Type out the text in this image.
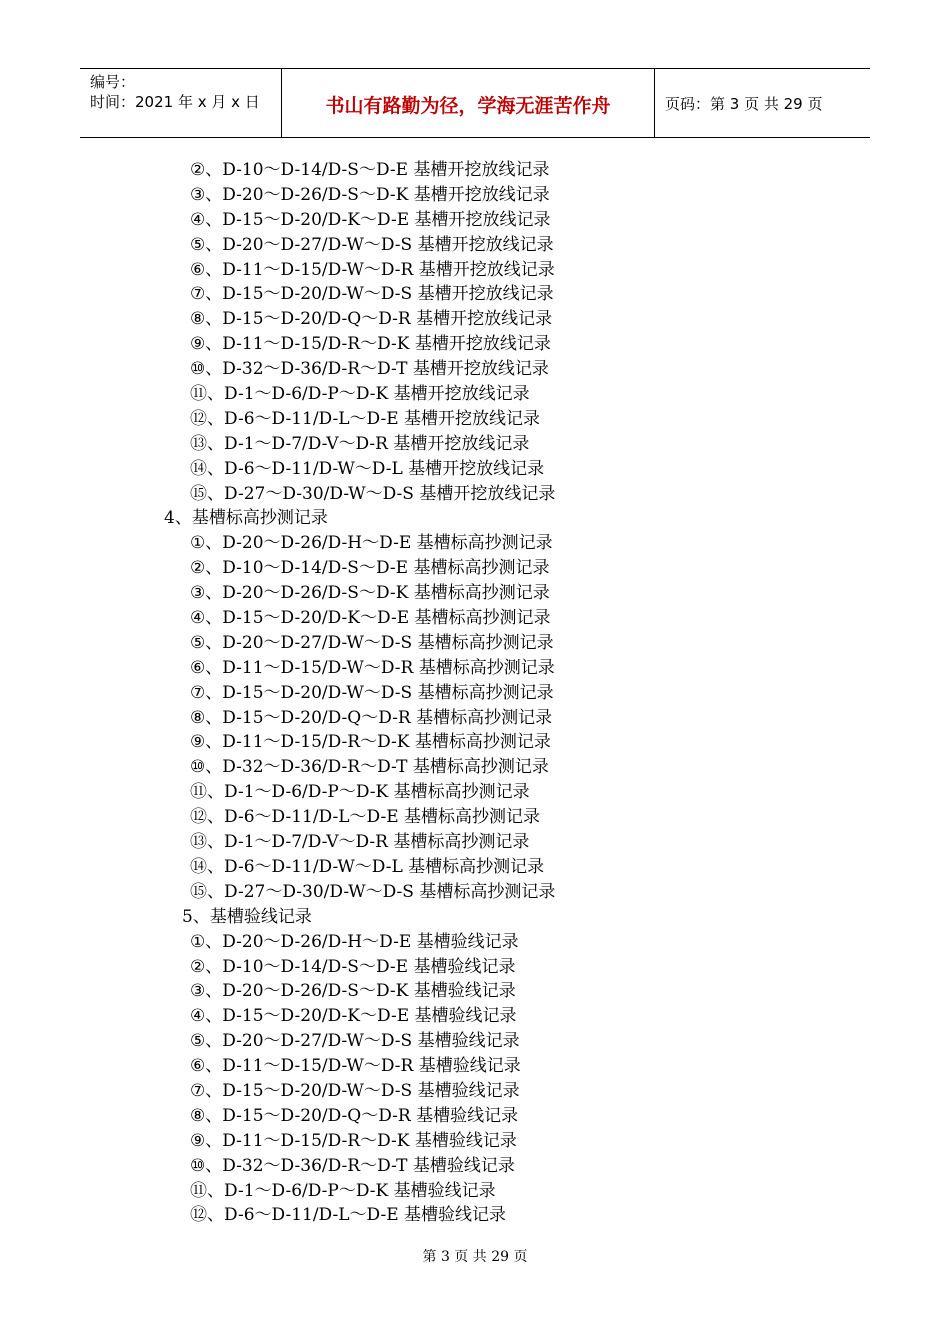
编号：
时间：2021 年 x 月 x 日	书山有路勤为径，学海无涯苦作舟	页码：第 3 页 共 29 页
②、D-10～D-14/D-S～D-E 基槽开挖放线记录
③、D-20～D-26/D-S～D-K 基槽开挖放线记录
④、D-15～D-20/D-K～D-E 基槽开挖放线记录
⑤、D-20～D-27/D-W～D-S 基槽开挖放线记录
⑥、D-11～D-15/D-W～D-R 基槽开挖放线记录
⑦、D-15～D-20/D-W～D-S 基槽开挖放线记录
⑧、D-15～D-20/D-Q～D-R 基槽开挖放线记录
⑨、D-11～D-15/D-R～D-K 基槽开挖放线记录
⑩、D-32～D-36/D-R～D-T 基槽开挖放线记录
⑪、D-1～D-6/D-P～D-K 基槽开挖放线记录
⑫、D-6～D-11/D-L～D-E 基槽开挖放线记录
⑬、D-1～D-7/D-V～D-R 基槽开挖放线记录
⑭、D-6～D-11/D-W～D-L 基槽开挖放线记录
⑮、D-27～D-30/D-W～D-S 基槽开挖放线记录
4、基槽标高抄测记录
①、D-20～D-26/D-H～D-E 基槽标高抄测记录
②、D-10～D-14/D-S～D-E 基槽标高抄测记录
③、D-20～D-26/D-S～D-K 基槽标高抄测记录
④、D-15～D-20/D-K～D-E 基槽标高抄测记录
⑤、D-20～D-27/D-W～D-S 基槽标高抄测记录
⑥、D-11～D-15/D-W～D-R 基槽标高抄测记录
⑦、D-15～D-20/D-W～D-S 基槽标高抄测记录
⑧、D-15～D-20/D-Q～D-R 基槽标高抄测记录
⑨、D-11～D-15/D-R～D-K 基槽标高抄测记录
⑩、D-32～D-36/D-R～D-T 基槽标高抄测记录
⑪、D-1～D-6/D-P～D-K 基槽标高抄测记录
⑫、D-6～D-11/D-L～D-E 基槽标高抄测记录
⑬、D-1～D-7/D-V～D-R 基槽标高抄测记录
⑭、D-6～D-11/D-W～D-L 基槽标高抄测记录
⑮、D-27～D-30/D-W～D-S 基槽标高抄测记录
5、基槽验线记录
①、D-20～D-26/D-H～D-E 基槽验线记录
②、D-10～D-14/D-S～D-E 基槽验线记录
③、D-20～D-26/D-S～D-K 基槽验线记录
④、D-15～D-20/D-K～D-E 基槽验线记录
⑤、D-20～D-27/D-W～D-S 基槽验线记录
⑥、D-11～D-15/D-W～D-R 基槽验线记录
⑦、D-15～D-20/D-W～D-S 基槽验线记录
⑧、D-15～D-20/D-Q～D-R 基槽验线记录
⑨、D-11～D-15/D-R～D-K 基槽验线记录
⑩、D-32～D-36/D-R～D-T 基槽验线记录
⑪、D-1～D-6/D-P～D-K 基槽验线记录
⑫、D-6～D-11/D-L～D-E 基槽验线记录
第 3 页 共 29 页
